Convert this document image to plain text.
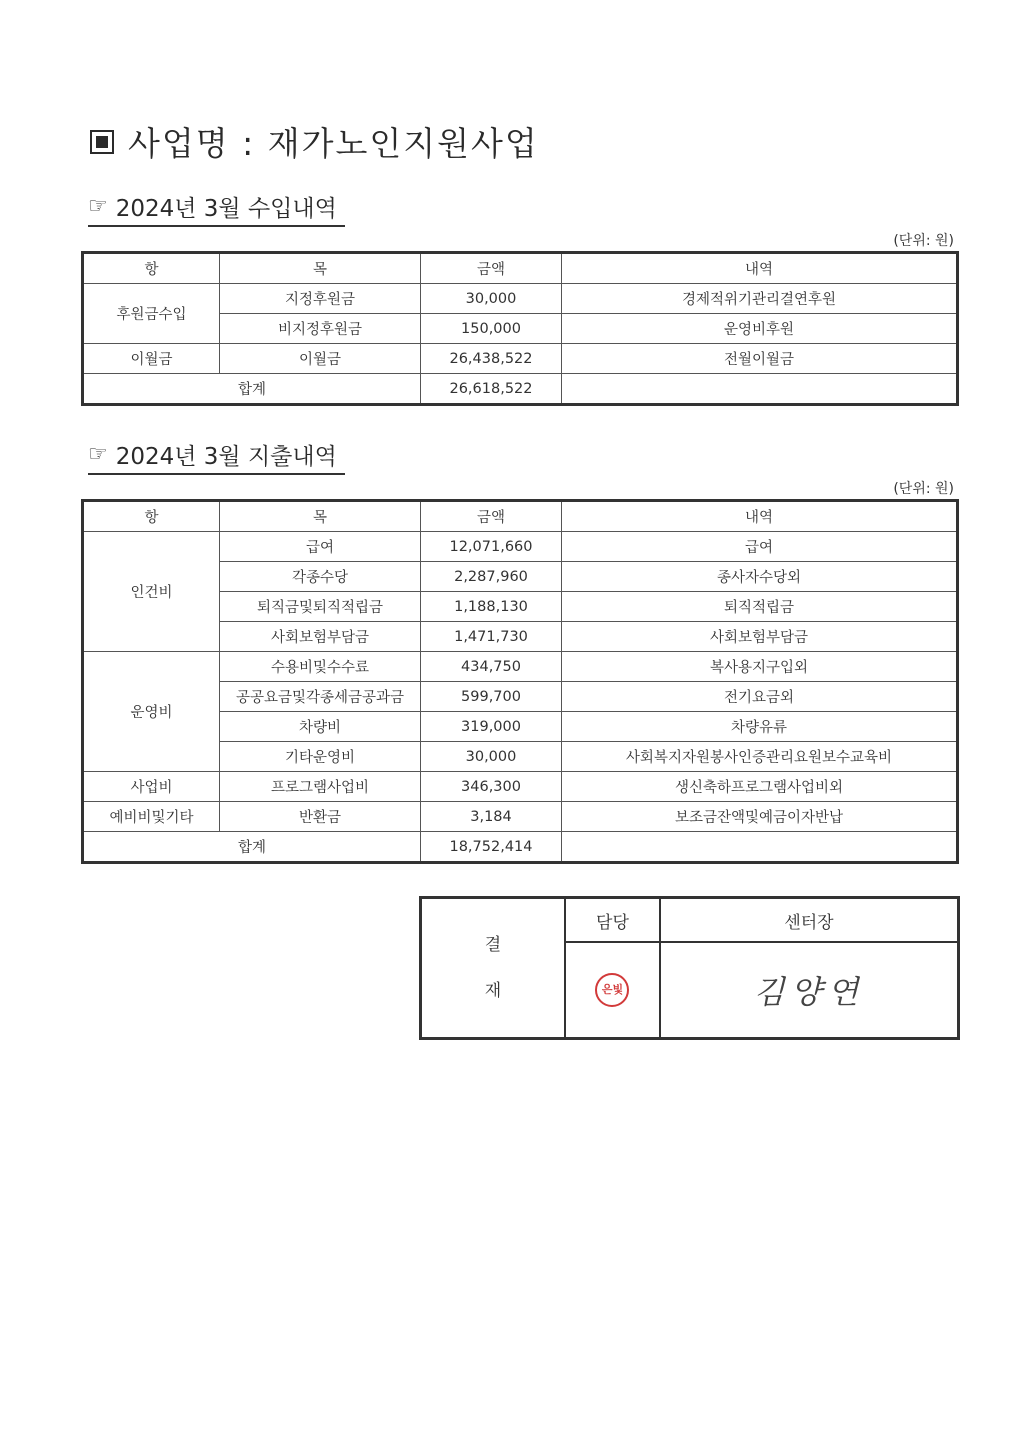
사업명 : 재가노인지원사업
☞ 2024년 3월 수입내역
(단위: 원)
항	목	금액	내역
후원금수입	지정후원금	30,000	경제적위기관리결연후원
	비지정후원금	150,000	운영비후원
이월금	이월금	26,438,522	전월이월금
합계		26,618,522	
☞ 2024년 3월 지출내역
(단위: 원)
항	목	금액	내역
인건비	급여	12,071,660	급여
	각종수당	2,287,960	종사자수당외
	퇴직금및퇴직적립금	1,188,130	퇴직적립금
	사회보험부담금	1,471,730	사회보험부담금
운영비	수용비및수수료	434,750	복사용지구입외
	공공요금및각종세금공과금	599,700	전기요금외
	차량비	319,000	차량유류
	기타운영비	30,000	사회복지자원봉사인증관리요원보수교육비
사업비	프로그램사업비	346,300	생신축하프로그램사업비외
예비비및기타	반환금	3,184	보조금잔액및예금이자반납
합계		18,752,414	
결
재	담당	센터장
	은빛	김양연
